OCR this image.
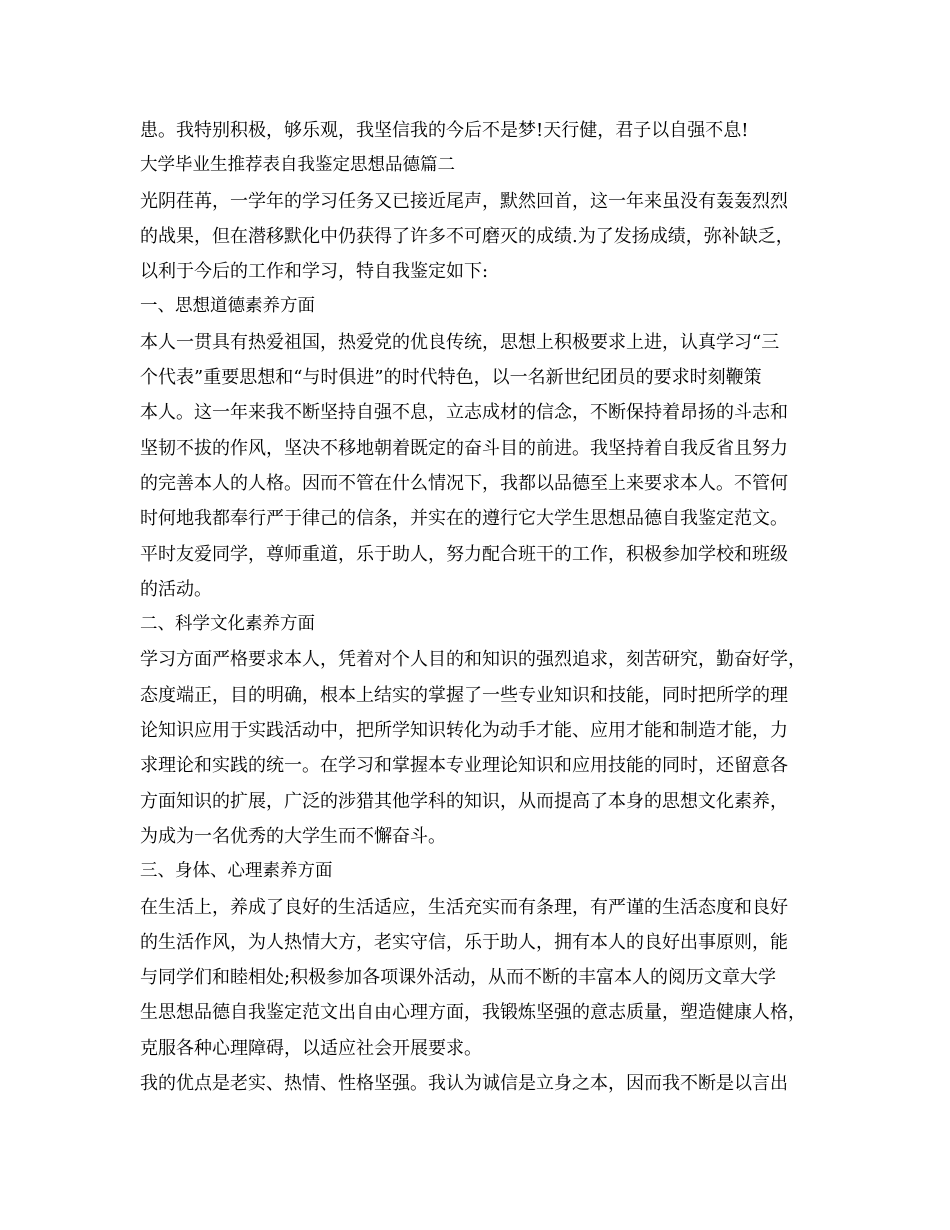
患。我特别积极，够乐观，我坚信我的今后不是梦!天行健，君子以自强不息!
大学毕业生推荐表自我鉴定思想品德篇二
光阴荏苒，一学年的学习任务又已接近尾声，默然回首，这一年来虽没有轰轰烈烈
的战果，但在潜移默化中仍获得了许多不可磨灭的成绩.为了发扬成绩，弥补缺乏，
以利于今后的工作和学习，特自我鉴定如下:
一、思想道德素养方面
本人一贯具有热爱祖国，热爱党的优良传统，思想上积极要求上进，认真学习“三
个代表”重要思想和“与时俱进”的时代特色，以一名新世纪团员的要求时刻鞭策
本人。这一年来我不断坚持自强不息，立志成材的信念，不断保持着昂扬的斗志和
坚韧不拔的作风，坚决不移地朝着既定的奋斗目的前进。我坚持着自我反省且努力
的完善本人的人格。因而不管在什么情况下，我都以品德至上来要求本人。不管何
时何地我都奉行严于律己的信条，并实在的遵行它大学生思想品德自我鉴定范文。
平时友爱同学，尊师重道，乐于助人，努力配合班干的工作，积极参加学校和班级
的活动。
二、科学文化素养方面
学习方面严格要求本人，凭着对个人目的和知识的强烈追求，刻苦研究，勤奋好学，
态度端正，目的明确，根本上结实的掌握了一些专业知识和技能，同时把所学的理
论知识应用于实践活动中，把所学知识转化为动手才能、应用才能和制造才能，力
求理论和实践的统一。在学习和掌握本专业理论知识和应用技能的同时，还留意各
方面知识的扩展，广泛的涉猎其他学科的知识，从而提高了本身的思想文化素养，
为成为一名优秀的大学生而不懈奋斗。
三、身体、心理素养方面
在生活上，养成了良好的生活适应，生活充实而有条理，有严谨的生活态度和良好
的生活作风，为人热情大方，老实守信，乐于助人，拥有本人的良好出事原则，能
与同学们和睦相处;积极参加各项课外活动，从而不断的丰富本人的阅历文章大学
生思想品德自我鉴定范文出自由心理方面，我锻炼坚强的意志质量，塑造健康人格，
克服各种心理障碍，以适应社会开展要求。
我的优点是老实、热情、性格坚强。我认为诚信是立身之本，因而我不断是以言出
